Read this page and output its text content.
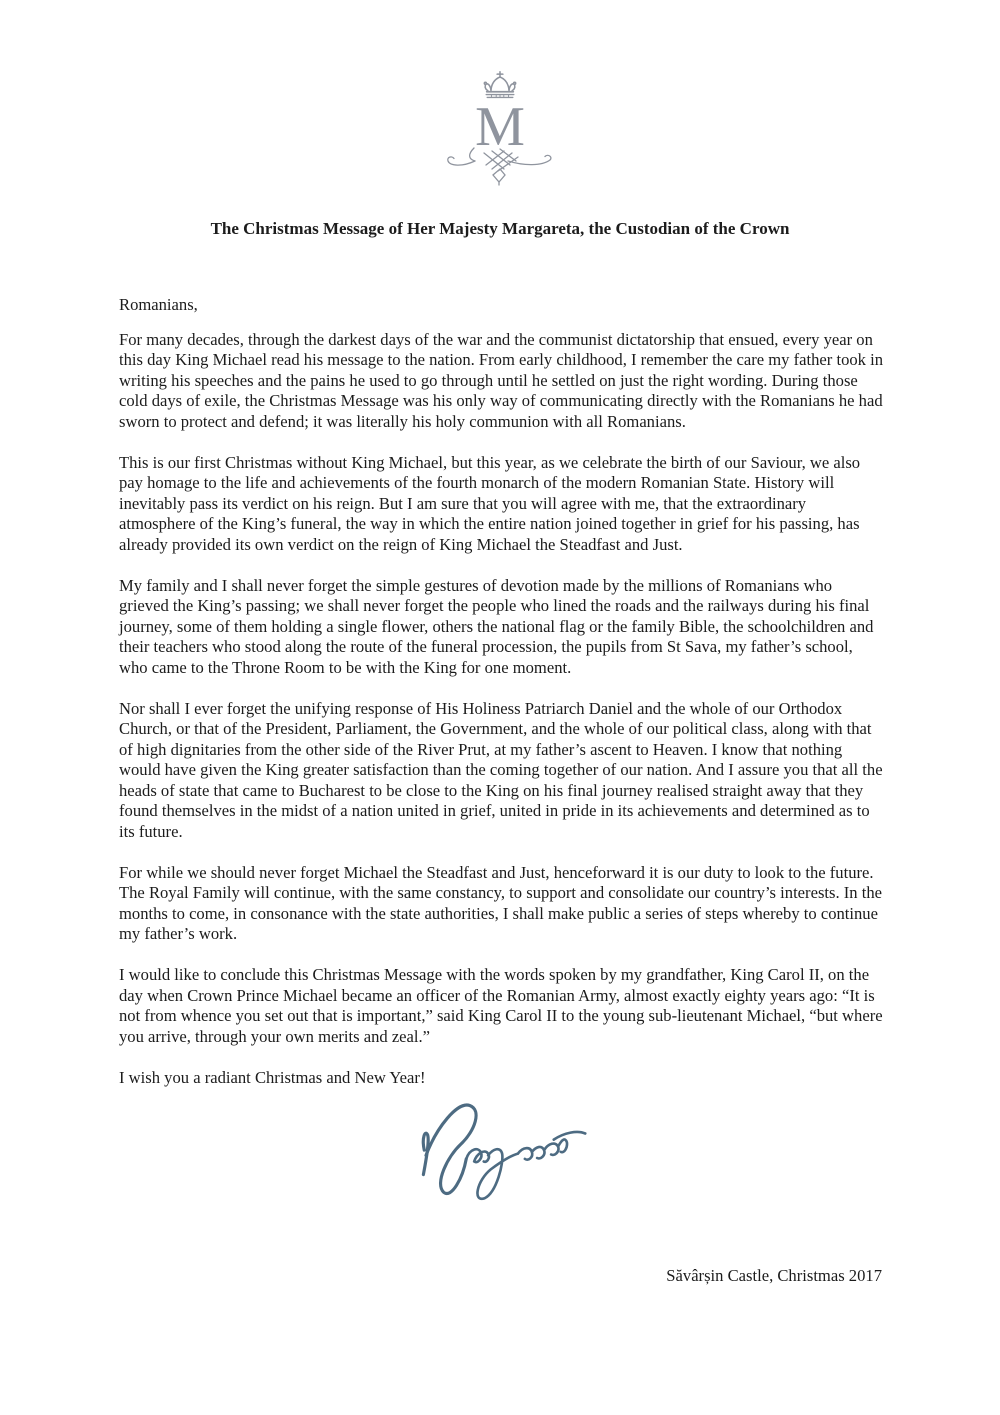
M
The Christmas Message of Her Majesty Margareta, the Custodian of the Crown

Romanians,

For many decades, through the darkest days of the war and the communist dictatorship that ensued, every year on this day King Michael read his message to the nation. From early childhood, I remember the care my father took in writing his speeches and the pains he used to go through until he settled on just the right wording. During those cold days of exile, the Christmas Message was his only way of communicating directly with the Romanians he had sworn to protect and defend; it was literally his holy communion with all Romanians.

This is our first Christmas without King Michael, but this year, as we celebrate the birth of our Saviour, we also pay homage to the life and achievements of the fourth monarch of the modern Romanian State. History will inevitably pass its verdict on his reign. But I am sure that you will agree with me, that the extraordinary atmosphere of the King’s funeral, the way in which the entire nation joined together in grief for his passing, has already provided its own verdict on the reign of King Michael the Steadfast and Just.

My family and I shall never forget the simple gestures of devotion made by the millions of Romanians who grieved the King’s passing; we shall never forget the people who lined the roads and the railways during his final journey, some of them holding a single flower, others the national flag or the family Bible, the schoolchildren and their teachers who stood along the route of the funeral procession, the pupils from St Sava, my father’s school, who came to the Throne Room to be with the King for one moment.

Nor shall I ever forget the unifying response of His Holiness Patriarch Daniel and the whole of our Orthodox Church, or that of the President, Parliament, the Government, and the whole of our political class, along with that of high dignitaries from the other side of the River Prut, at my father’s ascent to Heaven. I know that nothing would have given the King greater satisfaction than the coming together of our nation. And I assure you that all the heads of state that came to Bucharest to be close to the King on his final journey realised straight away that they found themselves in the midst of a nation united in grief, united in pride in its achievements and determined as to its future.

For while we should never forget Michael the Steadfast and Just, henceforward it is our duty to look to the future. The Royal Family will continue, with the same constancy, to support and consolidate our country’s interests. In the months to come, in consonance with the state authorities, I shall make public a series of steps whereby to continue my father’s work.

I would like to conclude this Christmas Message with the words spoken by my grandfather, King Carol II, on the day when Crown Prince Michael became an officer of the Romanian Army, almost exactly eighty years ago: “It is not from whence you set out that is important,” said King Carol II to the young sub-lieutenant Michael, “but where you arrive, through your own merits and zeal.”

I wish you a radiant Christmas and New Year!

Săvârșin Castle, Christmas 2017
